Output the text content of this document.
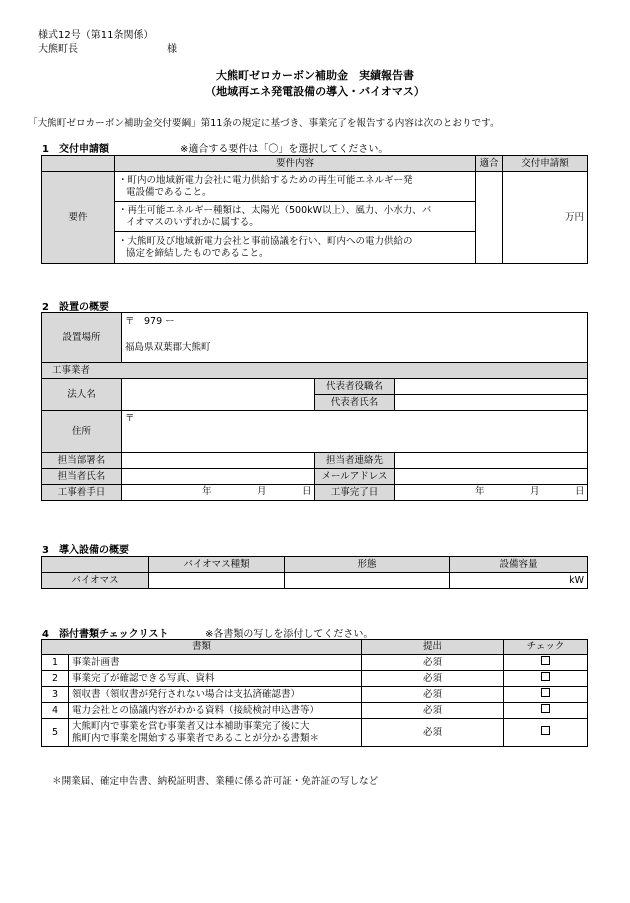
様式12号（第11条関係）
大熊町長	様
大熊町ゼロカーボン補助金　実績報告書
（地域再エネ発電設備の導入・バイオマス）
「大熊町ゼロカーボン補助金交付要綱」第11条の規定に基づき、事業完了を報告する内容は次のとおりです。
1　交付申請額	※適合する要件は「〇」を選択してください。
	要件内容	適合	交付申請額
要件	・町内の地域新電力会社に電力供給するための再生可能エネルギー発
電設備であること。		万円

	・再生可能エネルギー種類は、太陽光（500kW以上）、風力、小水力、バ
イオマスのいずれかに属する。		

	・大熊町及び地域新電力会社と事前協議を行い、町内への電力供給の
協定を締結したものであること。		
2　設置の概要
設置場所	〒　979 ー
福島県双葉郡大熊町		

工事業者			
法人名		代表者役職名	
		代表者氏名	
住所	〒		
担当部署名		担当者連絡先	
担当者氏名		メールアドレス	
工事着手日	年 月 日	工事完了日	年 月 日
3　導入設備の概要
	バイオマス種類	形態	設備容量
バイオマス			kW
4　添付書類チェックリスト	※各書類の写しを添付してください。
書類		提出	チェック
1	事業計画書	必須	
2	事業完了が確認できる写真、資料	必須	
3	領収書（領収書が発行されない場合は支払済確認書）	必須	
4	電力会社との協議内容がわかる資料（接続検討申込書等）	必須	
5	大熊町内で事業を営む事業者又は本補助事業完了後に大
熊町内で事業を開始する事業者であることが分かる書類＊	必須	
＊開業届、確定申告書、納税証明書、業種に係る許可証・免許証の写しなど
